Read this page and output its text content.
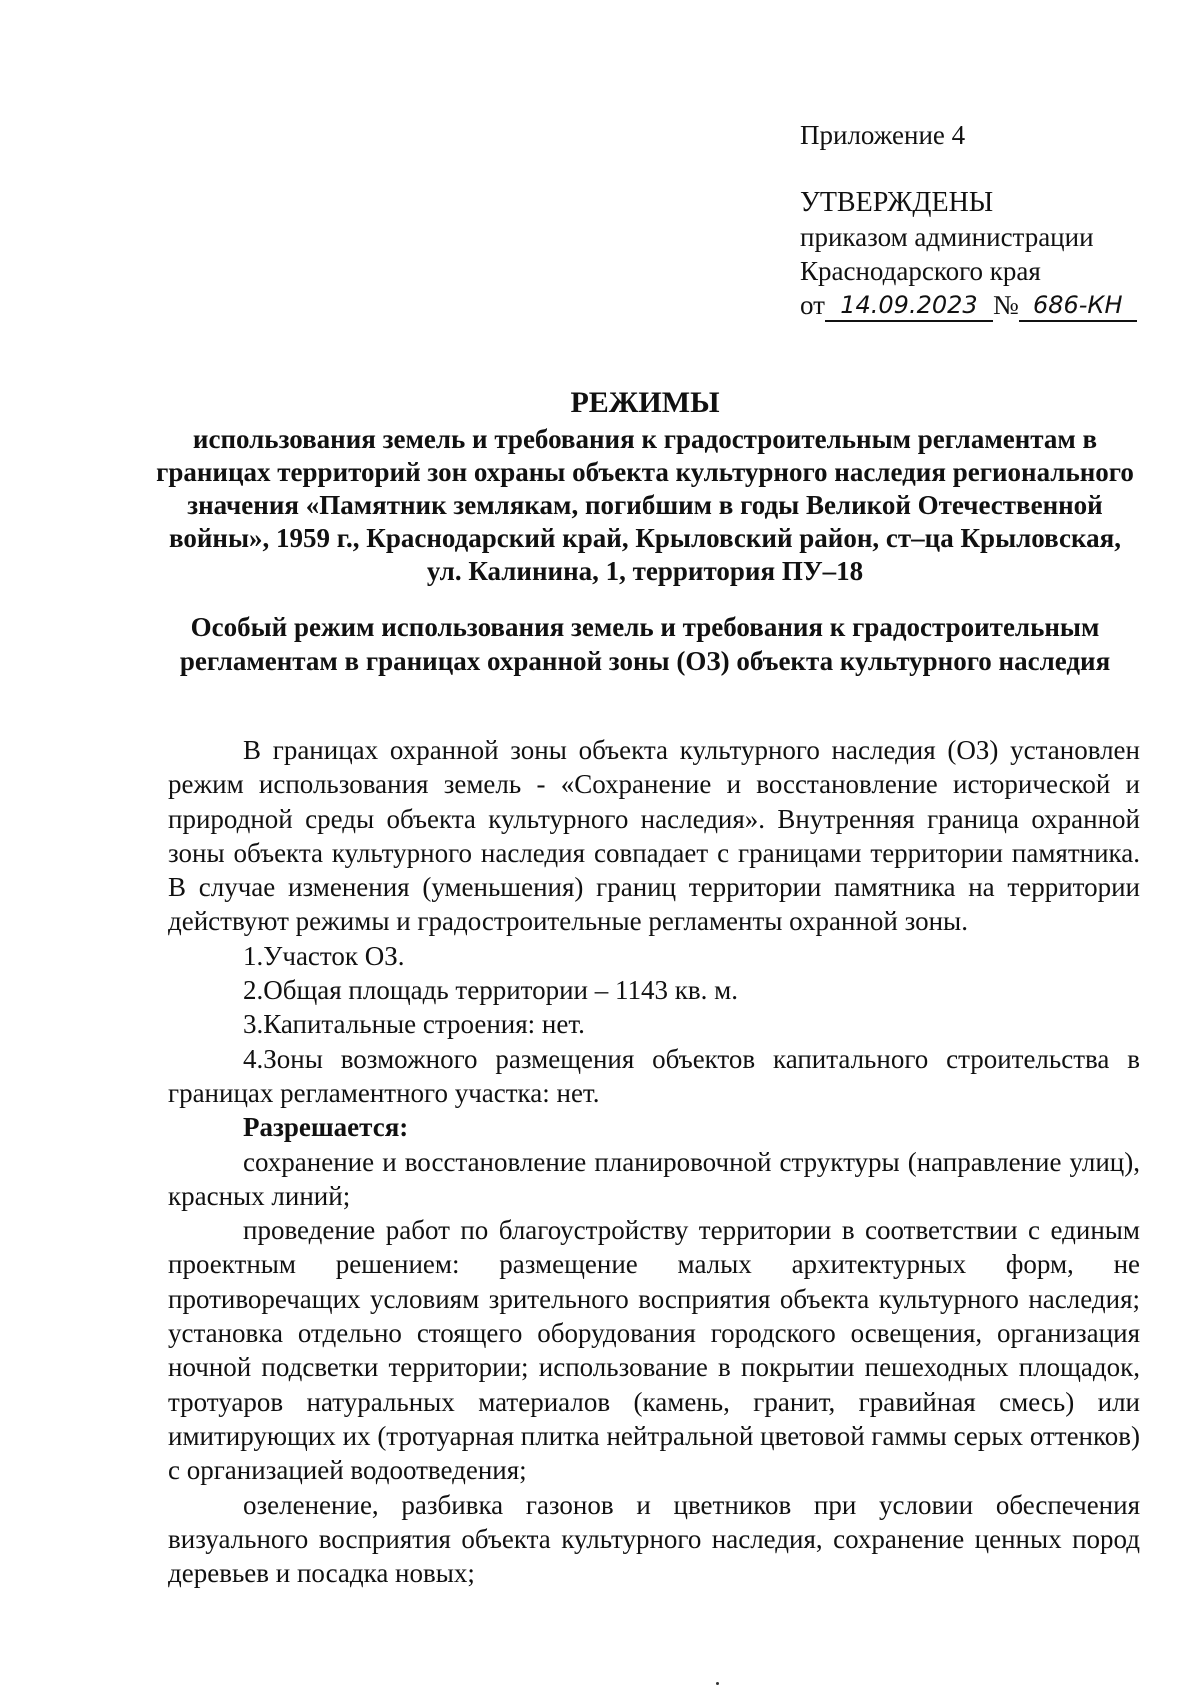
Приложение 4

УТВЕРЖДЕНЫ

приказом администрации

Краснодарского края

от 14.09.2023 № 686-КН

РЕЖИМЫ

использования земель и требования к градостроительным регламентам в границах территорий зон охраны объекта культурного наследия регионального значения «Памятник землякам, погибшим в годы Великой Отечественной войны», 1959 г., Краснодарский край, Крыловский район, ст–ца Крыловская, ул. Калинина, 1, территория ПУ–18

Особый режим использования земель и требования к градостроительным регламентам в границах охранной зоны (ОЗ) объекта культурного наследия

В границах охранной зоны объекта культурного наследия (ОЗ) установлен режим использования земель - «Сохранение и восстановление исторической и природной среды объекта культурного наследия». Внутренняя граница охранной зоны объекта культурного наследия совпадает с границами территории памятника. В случае изменения (уменьшения) границ территории памятника на территории действуют режимы и градостроительные регламенты охранной зоны.

1.Участок ОЗ.

2.Общая площадь территории – 1143 кв. м.

3.Капитальные строения: нет.

4.Зоны возможного размещения объектов капитального строительства в границах регламентного участка: нет.

Разрешается:

сохранение и восстановление планировочной структуры (направление улиц), красных линий;

проведение работ по благоустройству территории в соответствии с единым проектным решением: размещение малых архитектурных форм, не противоречащих условиям зрительного восприятия объекта культурного наследия; установка отдельно стоящего оборудования городского освещения, организация ночной подсветки территории; использование в покрытии пешеходных площадок, тротуаров натуральных материалов (камень, гранит, гравийная смесь) или имитирующих их (тротуарная плитка нейтральной цветовой гаммы серых оттенков) с организацией водоотведения;

озеленение, разбивка газонов и цветников при условии обеспечения визуального восприятия объекта культурного наследия, сохранение ценных пород деревьев и посадка новых;
